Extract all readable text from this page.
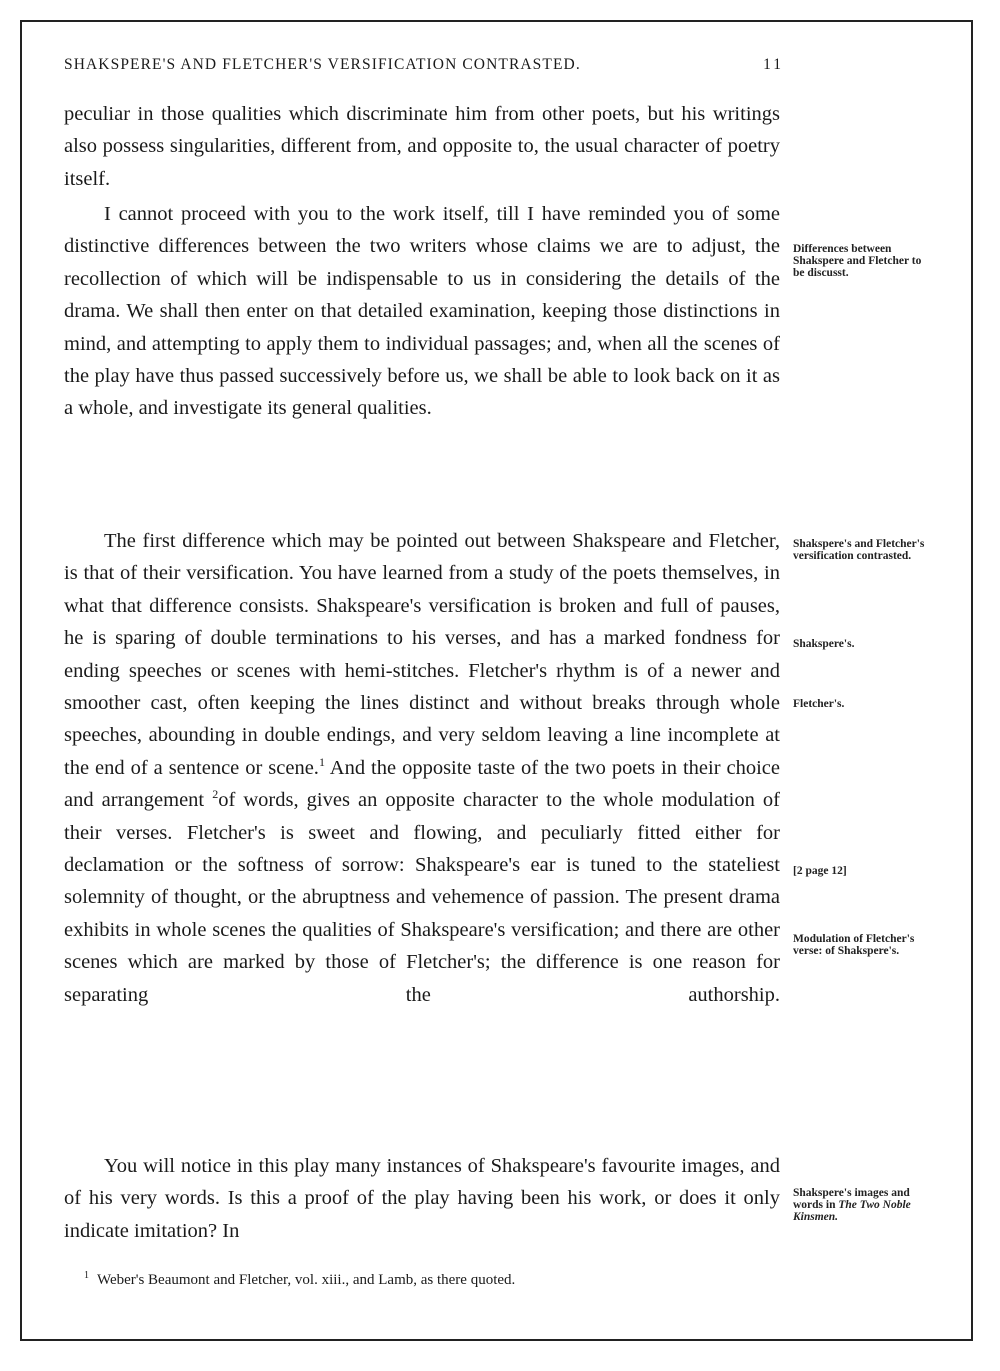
SHAKSPERE'S AND FLETCHER'S VERSIFICATION CONTRASTED.	11

peculiar in those qualities which discriminate him from other poets, but his writings also possess singularities, different from, and opposite to, the usual character of poetry itself.

I cannot proceed with you to the work itself, till I have reminded you of some distinctive differences between the two writers whose claims we are to adjust, the recollection of which will be indispensable to us in considering the details of the drama. We shall then enter on that detailed examination, keeping those distinctions in mind, and attempting to apply them to individual passages; and, when all the scenes of the play have thus passed successively before us, we shall be able to look back on it as a whole, and investigate its general qualities.

The first difference which may be pointed out between Shakspeare and Fletcher, is that of their versification. You have learned from a study of the poets themselves, in what that difference consists. Shakspeare's versification is broken and full of pauses, he is sparing of double terminations to his verses, and has a marked fondness for ending speeches or scenes with hemi-stitches. Fletcher's rhythm is of a newer and smoother cast, often keeping the lines distinct and without breaks through whole speeches, abounding in double endings, and very seldom leaving a line incomplete at the end of a sentence or scene.$^1$ And the opposite taste of the two poets in their choice and arrangement $^2$of words, gives an opposite character to the whole modulation of their verses. Fletcher's is sweet and flowing, and peculiarly fitted either for declamation or the softness of sorrow: Shakspeare's ear is tuned to the stateliest solemnity of thought, or the abruptness and vehemence of passion. The present drama exhibits in whole scenes the qualities of Shakspeare's versification; and there are other scenes which are marked by those of Fletcher's; the difference is one reason for separating the authorship.

You will notice in this play many instances of Shakspeare's favourite images, and of his very words. Is this a proof of the play having been his work, or does it only indicate imitation? In

Differences between Shakspere and Fletcher to be discusst.
Shakspere's and Fletcher's versification contrasted.
Shakspere's.
Fletcher's.
[2 page 12]
Modulation of Fletcher's verse: of Shakspere's.
Shakspere's images and words in The Two Noble Kinsmen.
$^1$ Weber's Beaumont and Fletcher, vol. xiii., and Lamb, as there quoted.
